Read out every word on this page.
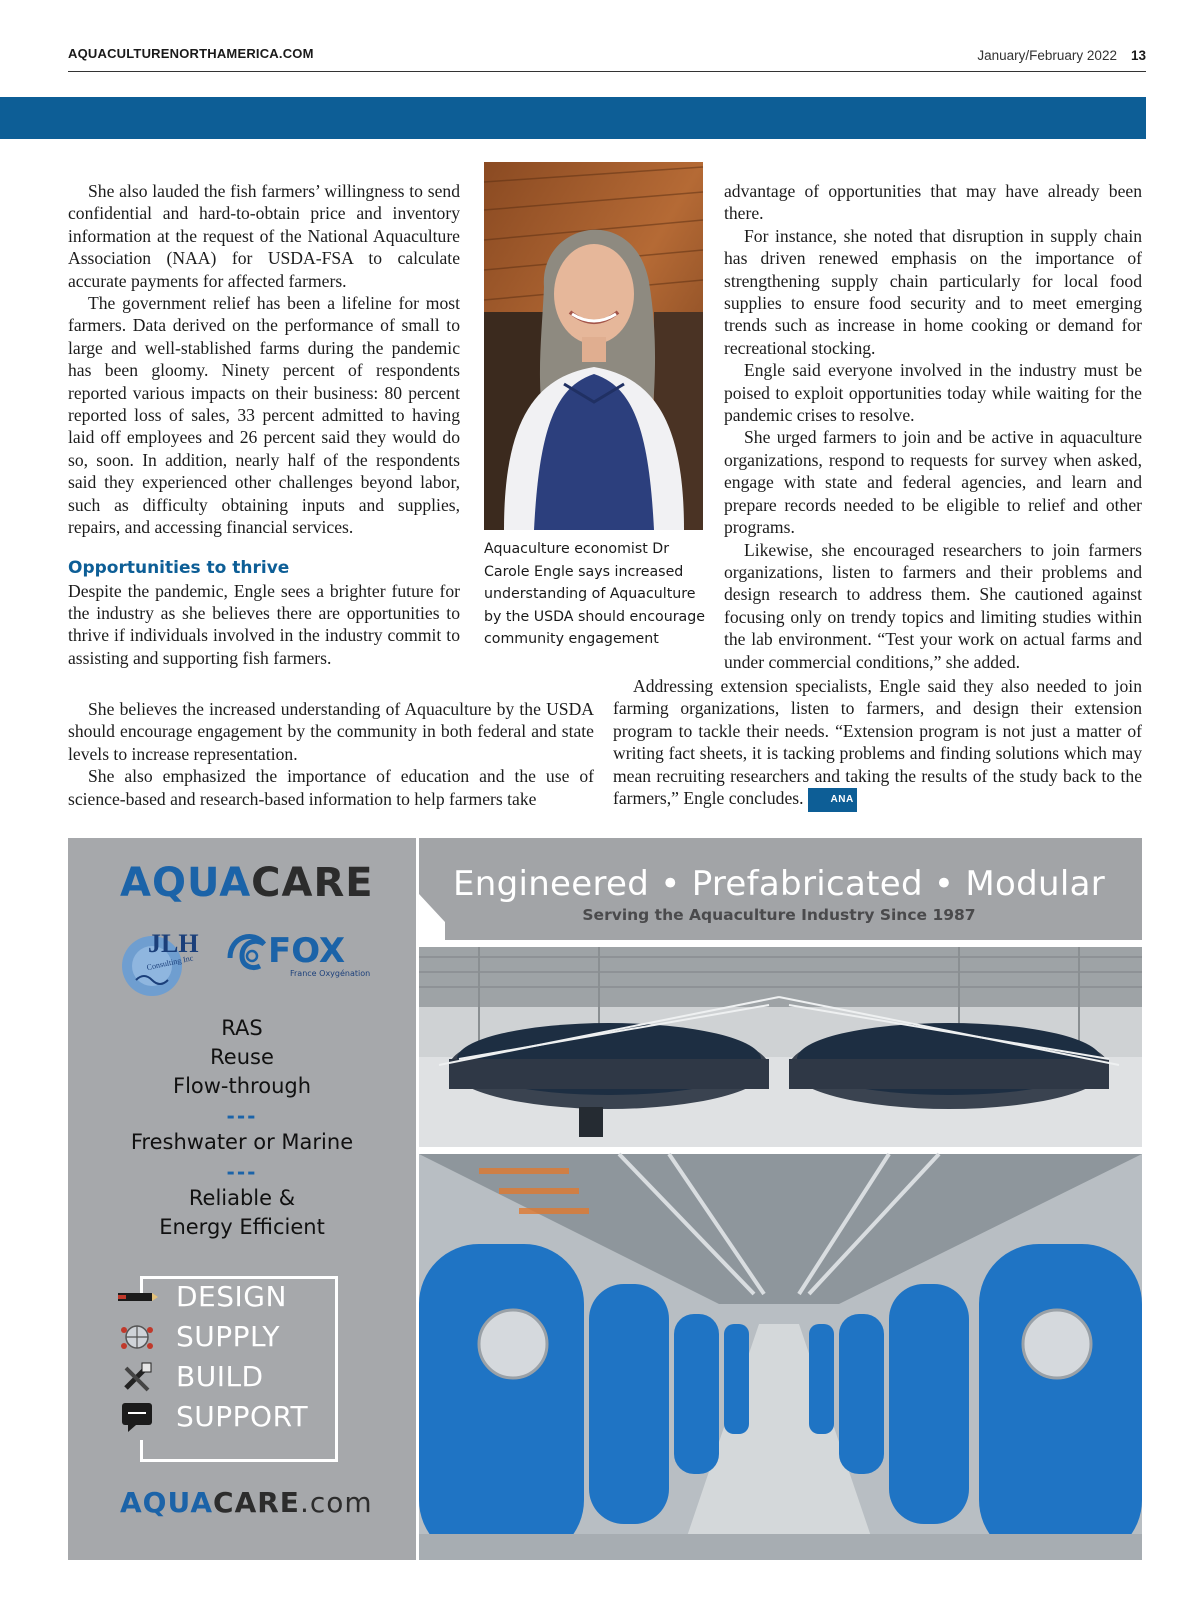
AQUACULTURENORTHAMERICA.COM	January/February 2022 13

She also lauded the fish farmers’ willingness to send confidential and hard-to-obtain price and inventory information at the request of the National Aquaculture Association (NAA) for USDA-FSA to calculate accurate payments for affected farmers.

The government relief has been a lifeline for most farmers. Data derived on the performance of small to large and well-stablished farms during the pandemic has been gloomy. Ninety percent of respondents reported various impacts on their business: 80 percent reported loss of sales, 33 percent admitted to having laid off employees and 26 percent said they would do so, soon. In addition, nearly half of the respondents said they experienced other challenges beyond labor, such as difficulty obtaining inputs and supplies, repairs, and accessing financial services.

Opportunities to thrive

Despite the pandemic, Engle sees a brighter future for the industry as she believes there are opportunities to thrive if individuals involved in the industry commit to assisting and supporting fish farmers.

She believes the increased understanding of Aquaculture by the USDA should encourage engagement by the community in both federal and state levels to increase representation.

She also emphasized the importance of education and the use of science-based and research-based information to help farmers take

Aquaculture economist Dr Carole Engle says increased understanding of Aquaculture by the USDA should encourage community engagement

advantage of opportunities that may have already been there.

For instance, she noted that disruption in supply chain has driven renewed emphasis on the importance of strengthening supply chain particularly for local food supplies to ensure food security and to meet emerging trends such as increase in home cooking or demand for recreational stocking.

Engle said everyone involved in the industry must be poised to exploit opportunities today while waiting for the pandemic crises to resolve.

She urged farmers to join and be active in aquaculture organizations, respond to requests for survey when asked, engage with state and federal agencies, and learn and prepare records needed to be eligible to relief and other programs.

Likewise, she encouraged researchers to join farmers organizations, listen to farmers and their problems and design research to address them. She cautioned against focusing only on trendy topics and limiting studies within the lab environment. “Test your work on actual farms and under commercial conditions,” she added.

Addressing extension specialists, Engle said they also needed to join farming organizations, listen to farmers, and design their extension program to tackle their needs. “Extension program is not just a matter of writing fact sheets, it is tacking problems and finding solutions which may mean recruiting researchers and taking the results of the study back to the farmers,” Engle concludes.	ANA

AQUACARE
JLH
Consulting Inc FOX
France Oxygénation
RAS
Reuse
Flow-through
---
Freshwater or Marine
---
Reliable &
Energy Efficient
DESIGN
SUPPLY
BUILD
SUPPORT
AQUACARE.com
Engineered • Prefabricated • Modular
Serving the Aquaculture Industry Since 1987
